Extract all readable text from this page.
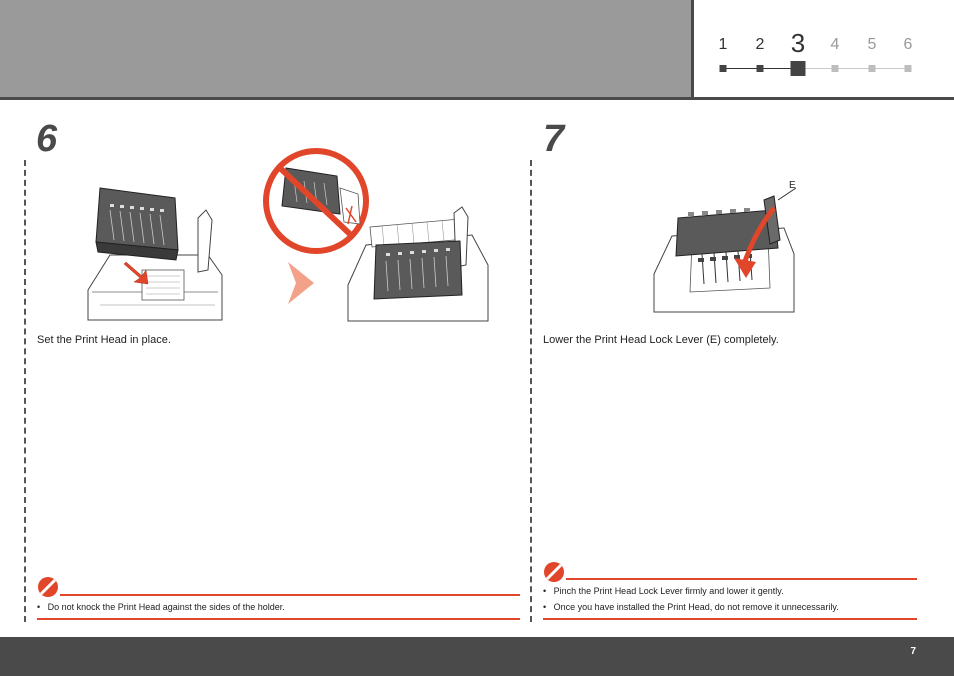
1 2 3 4 5 6
6
Set the Print Head in place.
•   Do not knock the Print Head against the sides of the holder.
7
E
Lower the Print Head Lock Lever (E) completely.
•   Pinch the Print Head Lock Lever firmly and lower it gently.
•   Once you have installed the Print Head, do not remove it unnecessarily.
7
